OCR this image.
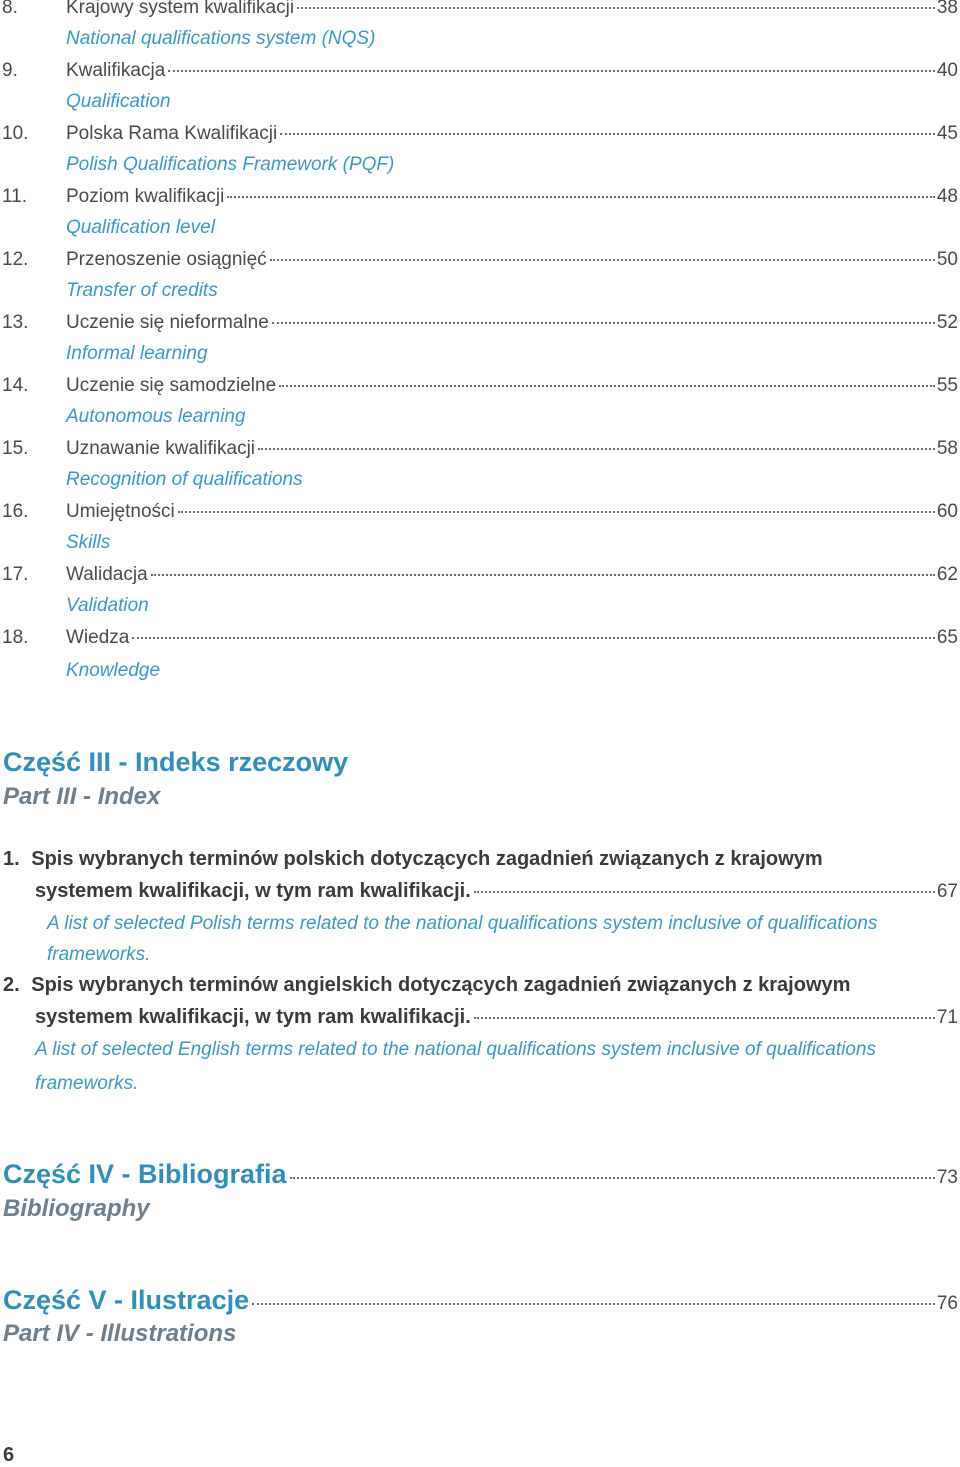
8.	Krajowy system kwalifikacji	38
National qualifications system (NQS)
9.	Kwalifikacja	40
Qualification
10.	Polska Rama Kwalifikacji	45
Polish Qualifications Framework (PQF)
11.	Poziom kwalifikacji	48
Qualification level
12.	Przenoszenie osiągnięć	50
Transfer of credits
13.	Uczenie się nieformalne	52
Informal learning
14.	Uczenie się samodzielne	55
Autonomous learning
15.	Uznawanie kwalifikacji	58
Recognition of qualifications
16.	Umiejętności	60
Skills
17.	Walidacja	62
Validation
18.	Wiedza	65
Knowledge
Część III - Indeks rzeczowy
Part III - Index
1. Spis wybranych terminów polskich dotyczących zagadnień związanych z krajowym
systemem kwalifikacji, w tym ram kwalifikacji.	67
A list of selected Polish terms related to the national qualifications system inclusive of qualifications
frameworks.
2. Spis wybranych terminów angielskich dotyczących zagadnień związanych z krajowym
systemem kwalifikacji, w tym ram kwalifikacji.	71
A list of selected English terms related to the national qualifications system inclusive of qualifications
frameworks.
Część IV - Bibliografia	73
Bibliography
Część V - Ilustracje	76
Part IV - Illustrations
6
